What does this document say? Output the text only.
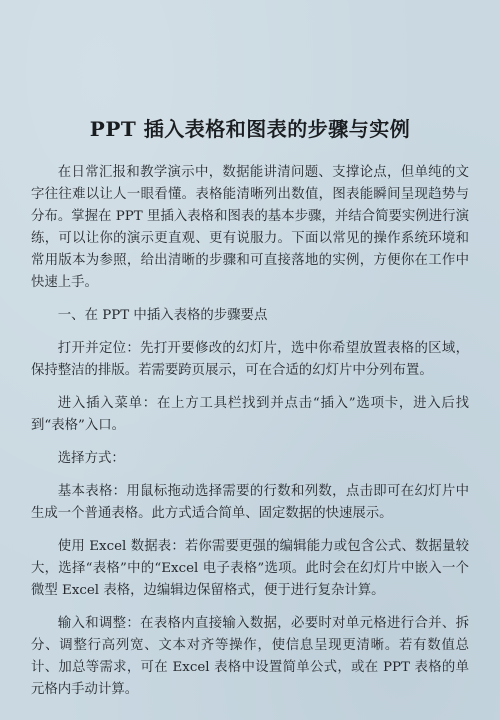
PPT 插入表格和图表的步骤与实例

在日常汇报和教学演示中，数据能讲清问题、支撑论点，但单纯的文字往往难以让人一眼看懂。表格能清晰列出数值，图表能瞬间呈现趋势与分布。掌握在 PPT 里插入表格和图表的基本步骤，并结合简要实例进行演练，可以让你的演示更直观、更有说服力。下面以常见的操作系统环境和常用版本为参照，给出清晰的步骤和可直接落地的实例，方便你在工作中快速上手。

一、在 PPT 中插入表格的步骤要点

打开并定位：先打开要修改的幻灯片，选中你希望放置表格的区域，保持整洁的排版。若需要跨页展示，可在合适的幻灯片中分列布置。

进入插入菜单：在上方工具栏找到并点击“插入”选项卡，进入后找到“表格”入口。

选择方式：

基本表格：用鼠标拖动选择需要的行数和列数，点击即可在幻灯片中生成一个普通表格。此方式适合简单、固定数据的快速展示。

使用 Excel 数据表：若你需要更强的编辑能力或包含公式、数据量较大，选择“表格”中的“Excel 电子表格”选项。此时会在幻灯片中嵌入一个微型 Excel 表格，边编辑边保留格式，便于进行复杂计算。

输入和调整：在表格内直接输入数据，必要时对单元格进行合并、拆分、调整行高列宽、文本对齐等操作，使信息呈现更清晰。若有数值总计、加总等需求，可在 Excel 表格中设置简单公式，或在 PPT 表格的单元格内手动计算。
